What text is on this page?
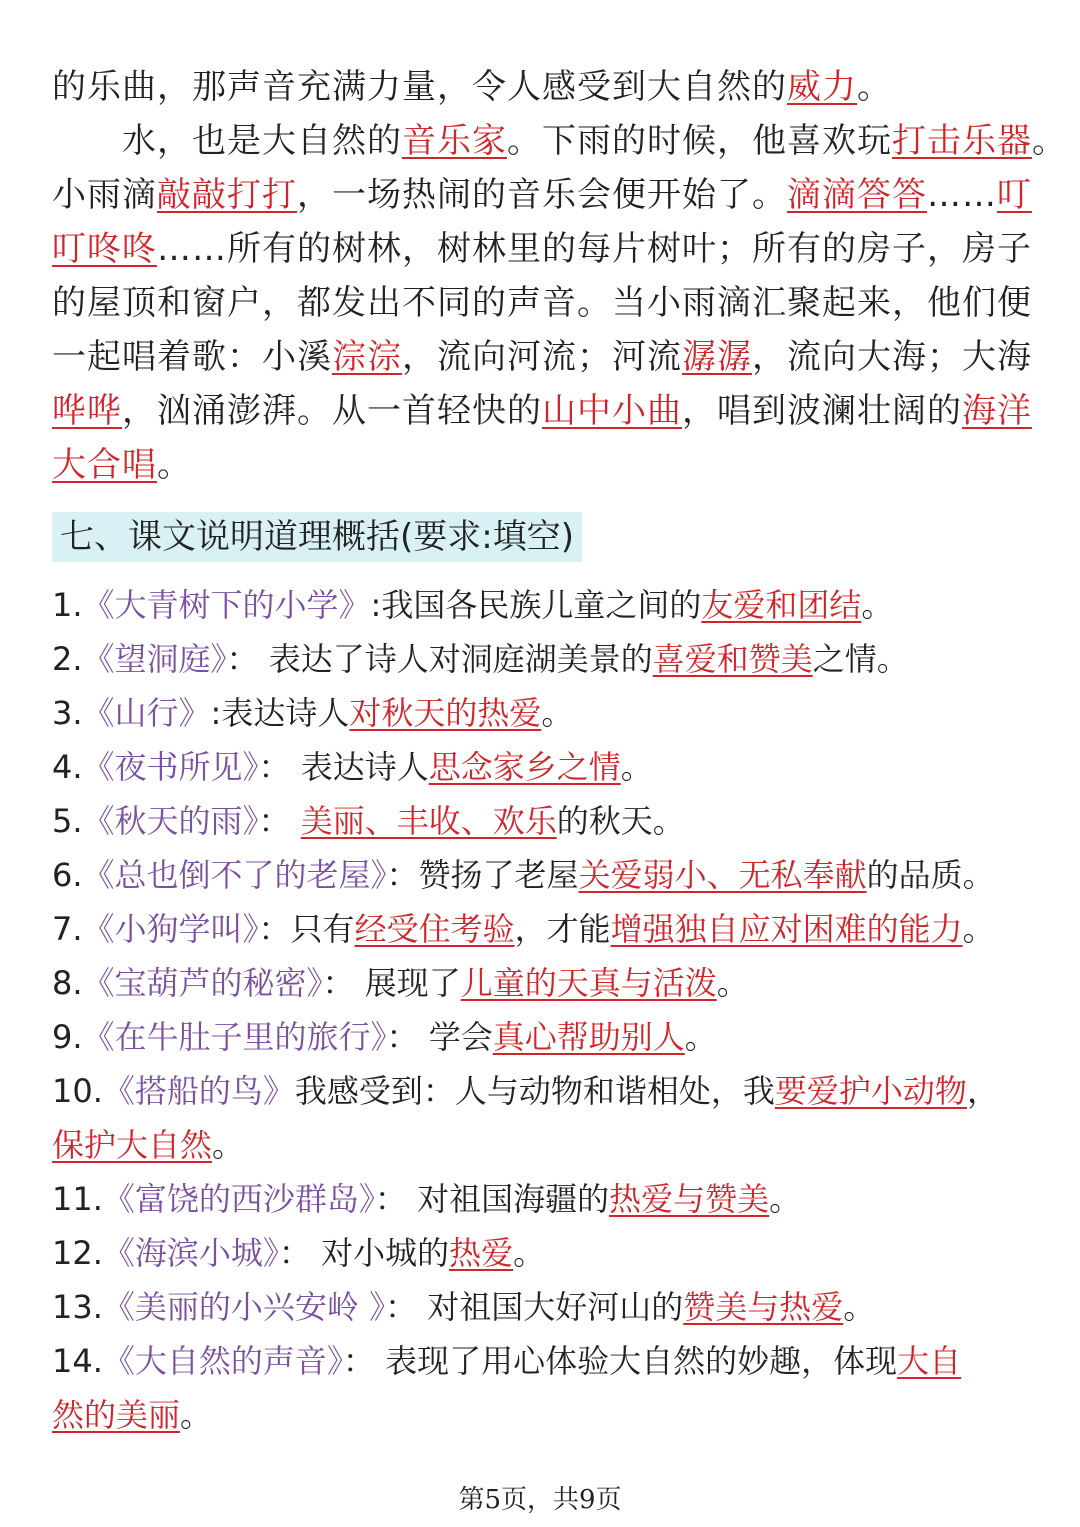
的乐曲，那声音充满力量，令人感受到大自然的威力。
　　水，也是大自然的音乐家。下雨的时候，他喜欢玩打击乐器。
小雨滴敲敲打打，一场热闹的音乐会便开始了。滴滴答答……叮
叮咚咚……所有的树林，树林里的每片树叶；所有的房子，房子
的屋顶和窗户，都发出不同的声音。当小雨滴汇聚起来，他们便
一起唱着歌：小溪淙淙，流向河流；河流潺潺，流向大海；大海
哗哗，汹涌澎湃。从一首轻快的山中小曲，唱到波澜壮阔的海洋
大合唱。
七、课文说明道理概括(要求:填空)
1.《大青树下的小学》:我国各民族儿童之间的友爱和团结。
2.《望洞庭》： 表达了诗人对洞庭湖美景的喜爱和赞美之情。
3.《山行》:表达诗人对秋天的热爱。
4.《夜书所见》： 表达诗人思念家乡之情。
5.《秋天的雨》： 美丽、丰收、欢乐的秋天。
6.《总也倒不了的老屋》：赞扬了老屋关爱弱小、无私奉献的品质。
7.《小狗学叫》：只有经受住考验，才能增强独自应对困难的能力。
8.《宝葫芦的秘密》： 展现了儿童的天真与活泼。
9.《在牛肚子里的旅行》： 学会真心帮助别人。
10.《搭船的鸟》我感受到：人与动物和谐相处，我要爱护小动物，
保护大自然。
11.《富饶的西沙群岛》： 对祖国海疆的热爱与赞美。
12.《海滨小城》： 对小城的热爱。
13.《美丽的小兴安岭 》： 对祖国大好河山的赞美与热爱。
14.《大自然的声音》： 表现了用心体验大自然的妙趣，体现大自
然的美丽。
第5页，共9页
